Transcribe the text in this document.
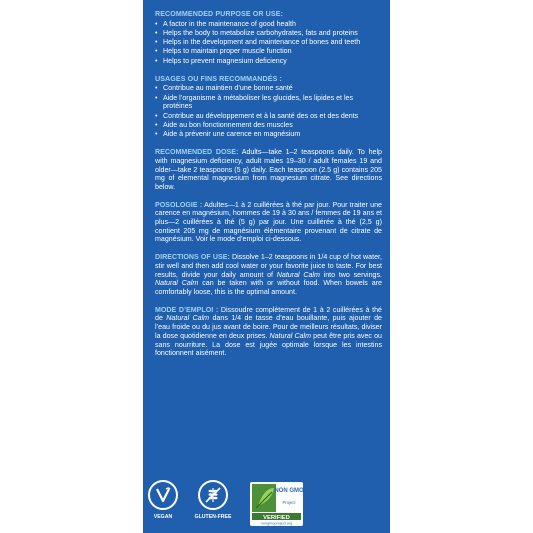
RECOMMENDED PURPOSE OR USE:

• A factor in the maintenance of good health
• Helps the body to metabolize carbohydrates, fats and proteins
• Helps in the development and maintenance of bones and teeth
• Helps to maintain proper muscle function
• Helps to prevent magnesium deficiency

USAGES OU FINS RECOMMANDÉS :

• Contribue au maintien d’une bonne santé
• Aide l’organisme à métaboliser les glucides, les lipides et les protéines
• Contribue au développement et à la santé des os et des dents
• Aide au bon fonctionnement des muscles
• Aide à prévenir une carence en magnésium

RECOMMENDED DOSE: Adults—take 1–2 teaspoons daily. To help with magnesium deficiency, adult males 19–30 / adult females 19 and older—take 2 teaspoons (5 g) daily. Each teaspoon (2.5 g) contains 205 mg of elemental magnesium from magnesium citrate. See directions below.

POSOLOGIE : Adultes—1 à 2 cuillérées à thé par jour. Pour traiter une carence en magnésium, hommes de 19 à 30 ans / femmes de 19 ans et plus—2 cuillérées à thé (5 g) par jour. Une cuillérée à thé (2,5 g) contient 205 mg de magnésium élémentaire provenant de citrate de magnésium. Voir le mode d’emploi ci-dessous.

DIRECTIONS OF USE: Dissolve 1–2 teaspoons in 1/4 cup of hot water, stir well and then add cool water or your favorite juice to taste. For best results, divide your daily amount of Natural Calm into two servings. Natural Calm can be taken with or without food. When bowels are comfortably loose, this is the optimal amount.

MODE D’EMPLOI : Dissoudre complètement de 1 à 2 cuillérées à thé de Natural Calm dans 1/4 de tasse d’eau bouillante, puis ajouter de l’eau froide ou du jus avant de boire. Pour de meilleurs résultats, diviser la dose quotidienne en deux prises. Natural Calm peut être pris avec ou sans nourriture. La dose est jugée optimale lorsque les intestins fonctionnent aisément.

VEGAN	GLUTEN-FREE
NON GMO
Project
VERIFIED
nongmoproject.org
